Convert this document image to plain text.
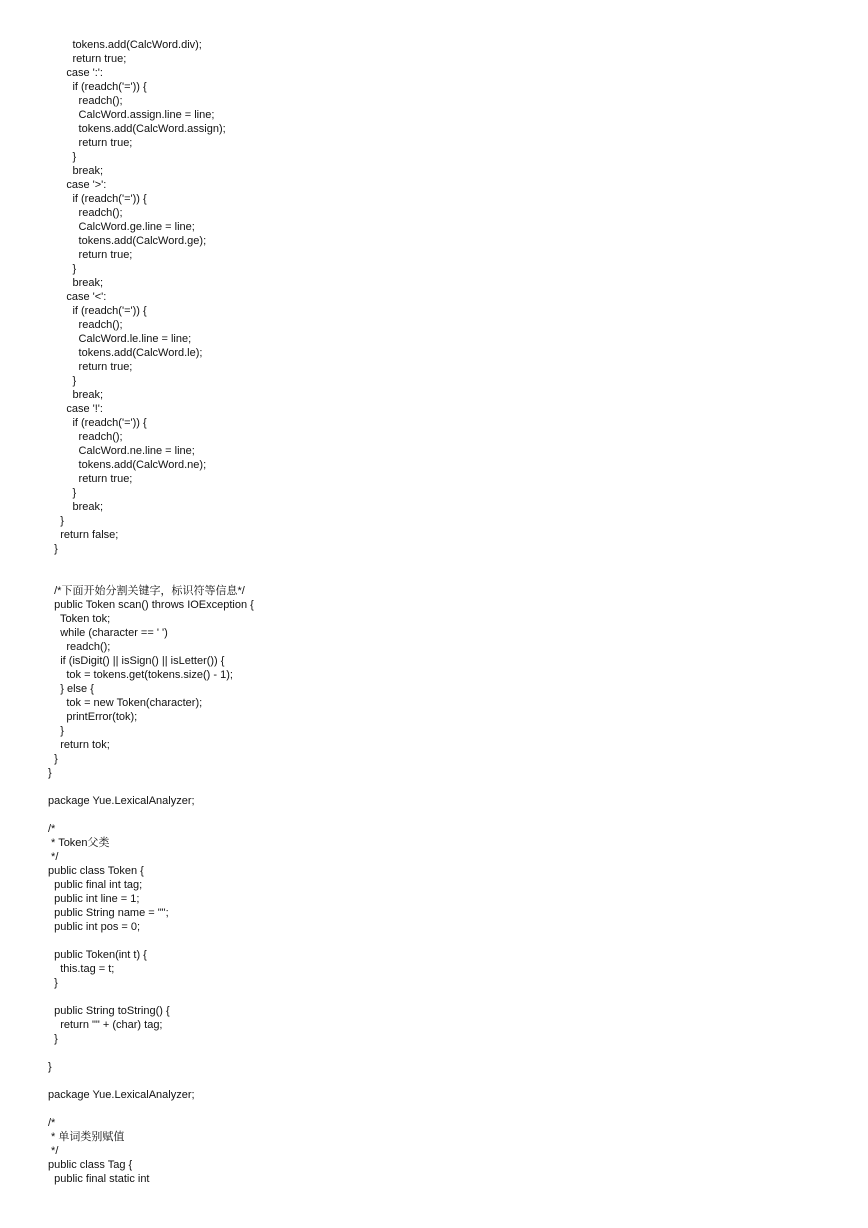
tokens.add(CalcWord.div);
return true;
case ':':
if (readch('=')) {
readch();
CalcWord.assign.line = line;
tokens.add(CalcWord.assign);
return true;
}
break;
case '>':
if (readch('=')) {
readch();
CalcWord.ge.line = line;
tokens.add(CalcWord.ge);
return true;
}
break;
case '<':
if (readch('=')) {
readch();
CalcWord.le.line = line;
tokens.add(CalcWord.le);
return true;
}
break;
case '!':
if (readch('=')) {
readch();
CalcWord.ne.line = line;
tokens.add(CalcWord.ne);
return true;
}
break;
}
return false;
}
/*下面开始分割关键字，标识符等信息*/
public Token scan() throws IOException {
Token tok;
while (character == ' ')
readch();
if (isDigit() || isSign() || isLetter()) {
tok = tokens.get(tokens.size() - 1);
} else {
tok = new Token(character);
printError(tok);
}
return tok;
}
}
package Yue.LexicalAnalyzer;
/*
* Token父类
*/
public class Token {
public final int tag;
public int line = 1;
public String name = "";
public int pos = 0;
public Token(int t) {
this.tag = t;
}
public String toString() {
return "" + (char) tag;
}
}
package Yue.LexicalAnalyzer;
/*
* 单词类别赋值
*/
public class Tag {
public final static int
